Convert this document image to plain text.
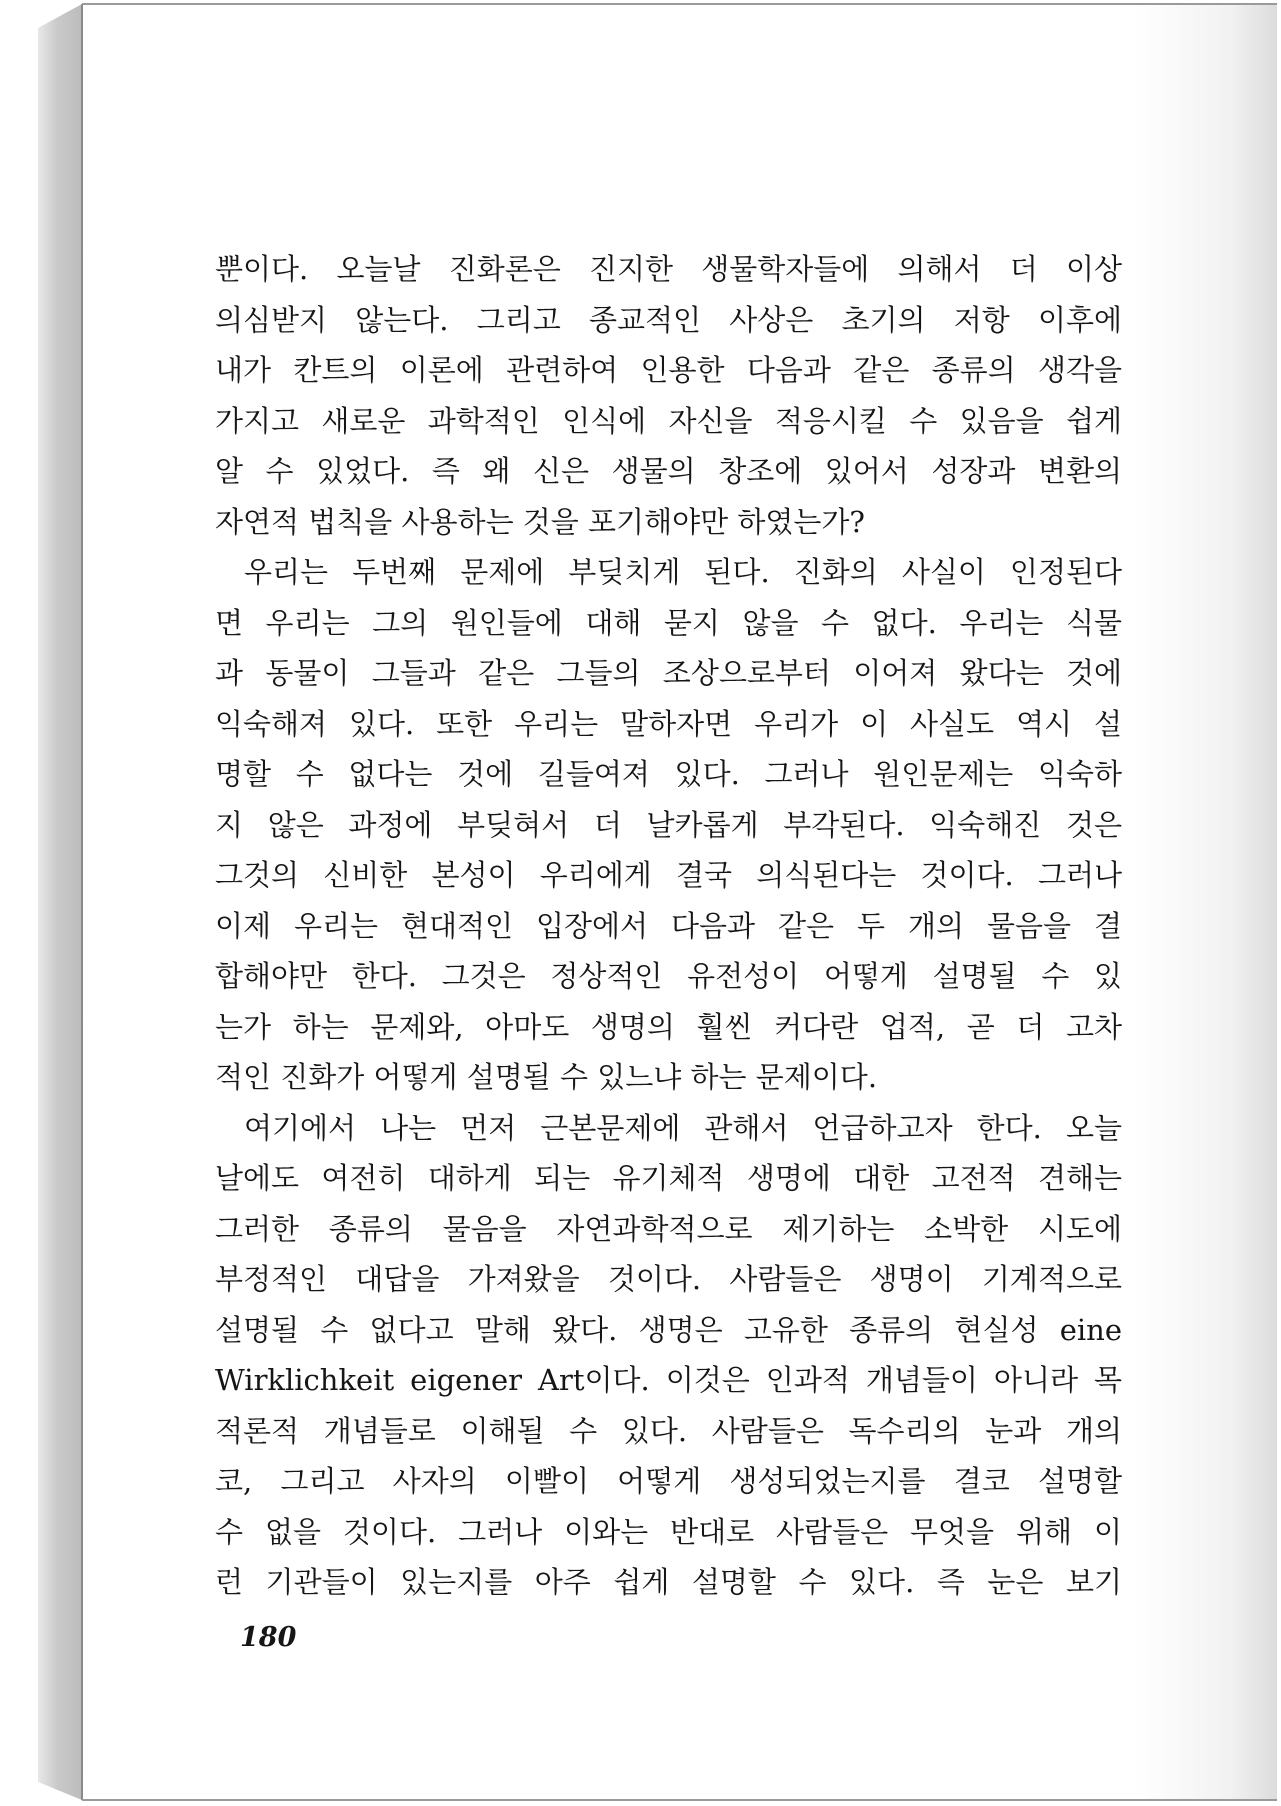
뿐이다. 오늘날 진화론은 진지한 생물학자들에 의해서 더 이상
의심받지 않는다. 그리고 종교적인 사상은 초기의 저항 이후에
내가 칸트의 이론에 관련하여 인용한 다음과 같은 종류의 생각을
가지고 새로운 과학적인 인식에 자신을 적응시킬 수 있음을 쉽게
알 수 있었다. 즉 왜 신은 생물의 창조에 있어서 성장과 변환의
자연적 법칙을 사용하는 것을 포기해야만 하였는가?
우리는 두번째 문제에 부딪치게 된다. 진화의 사실이 인정된다
면 우리는 그의 원인들에 대해 묻지 않을 수 없다. 우리는 식물
과 동물이 그들과 같은 그들의 조상으로부터 이어져 왔다는 것에
익숙해져 있다. 또한 우리는 말하자면 우리가 이 사실도 역시 설
명할 수 없다는 것에 길들여져 있다. 그러나 원인문제는 익숙하
지 않은 과정에 부딪혀서 더 날카롭게 부각된다. 익숙해진 것은
그것의 신비한 본성이 우리에게 결국 의식된다는 것이다. 그러나
이제 우리는 현대적인 입장에서 다음과 같은 두 개의 물음을 결
합해야만 한다. 그것은 정상적인 유전성이 어떻게 설명될 수 있
는가 하는 문제와, 아마도 생명의 훨씬 커다란 업적, 곧 더 고차
적인 진화가 어떻게 설명될 수 있느냐 하는 문제이다.
여기에서 나는 먼저 근본문제에 관해서 언급하고자 한다. 오늘
날에도 여전히 대하게 되는 유기체적 생명에 대한 고전적 견해는
그러한 종류의 물음을 자연과학적으로 제기하는 소박한 시도에
부정적인 대답을 가져왔을 것이다. 사람들은 생명이 기계적으로
설명될 수 없다고 말해 왔다. 생명은 고유한 종류의 현실성 eine
Wirklichkeit eigener Art이다. 이것은 인과적 개념들이 아니라 목
적론적 개념들로 이해될 수 있다. 사람들은 독수리의 눈과 개의
코, 그리고 사자의 이빨이 어떻게 생성되었는지를 결코 설명할
수 없을 것이다. 그러나 이와는 반대로 사람들은 무엇을 위해 이
런 기관들이 있는지를 아주 쉽게 설명할 수 있다. 즉 눈은 보기
180
